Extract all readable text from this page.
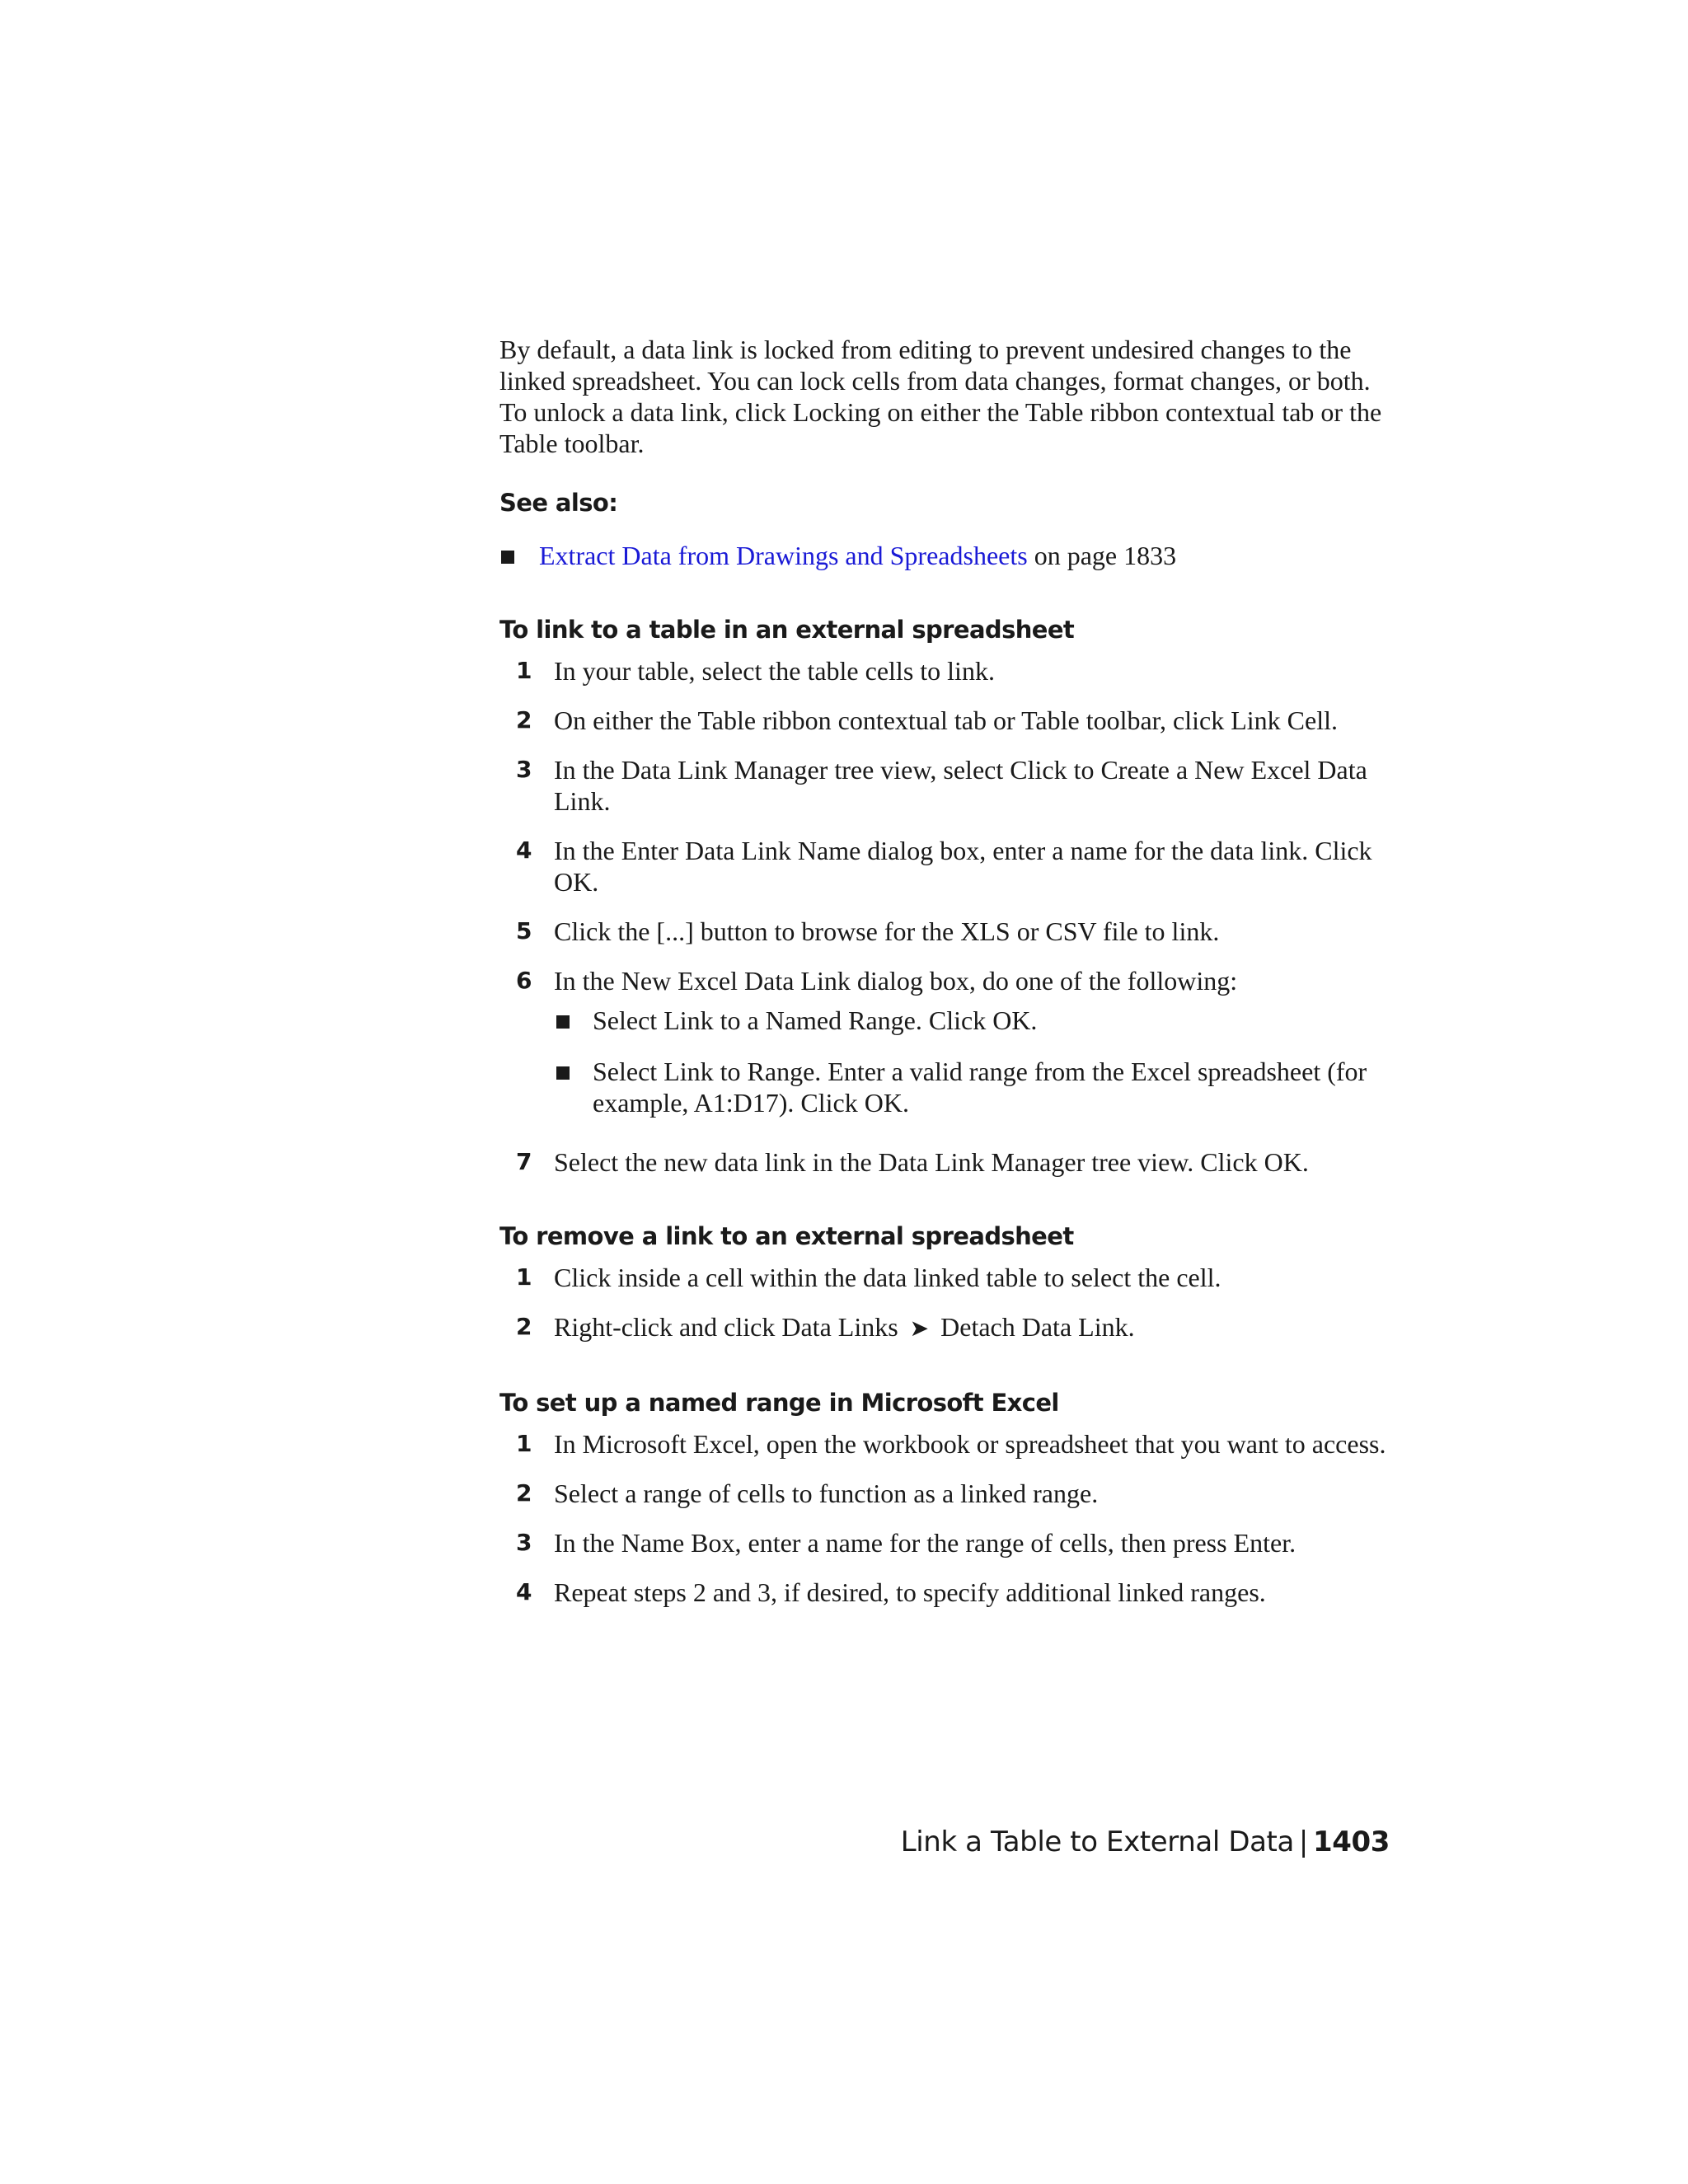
By default, a data link is locked from editing to prevent undesired changes to the linked spreadsheet. You can lock cells from data changes, format changes, or both. To unlock a data link, click Locking on either the Table ribbon contextual tab or the Table toolbar.

See also:
Extract Data from Drawings and Spreadsheets on page 1833
To link to a table in an external spreadsheet
1 In your table, select the table cells to link.
2 On either the Table ribbon contextual tab or Table toolbar, click Link Cell.
3 In the Data Link Manager tree view, select Click to Create a New Excel Data Link.
4 In the Enter Data Link Name dialog box, enter a name for the data link. Click OK.
5 Click the [...] button to browse for the XLS or CSV file to link.
6 In the New Excel Data Link dialog box, do one of the following:
Select Link to a Named Range. Click OK.
Select Link to Range. Enter a valid range from the Excel spreadsheet (for example, A1:D17). Click OK.
7 Select the new data link in the Data Link Manager tree view. Click OK.
To remove a link to an external spreadsheet
1 Click inside a cell within the data linked table to select the cell.
2 Right-click and click Data Links ➤ Detach Data Link.
To set up a named range in Microsoft Excel
1 In Microsoft Excel, open the workbook or spreadsheet that you want to access.
2 Select a range of cells to function as a linked range.
3 In the Name Box, enter a name for the range of cells, then press Enter.
4 Repeat steps 2 and 3, if desired, to specify additional linked ranges.
Link a Table to External Data | 1403
